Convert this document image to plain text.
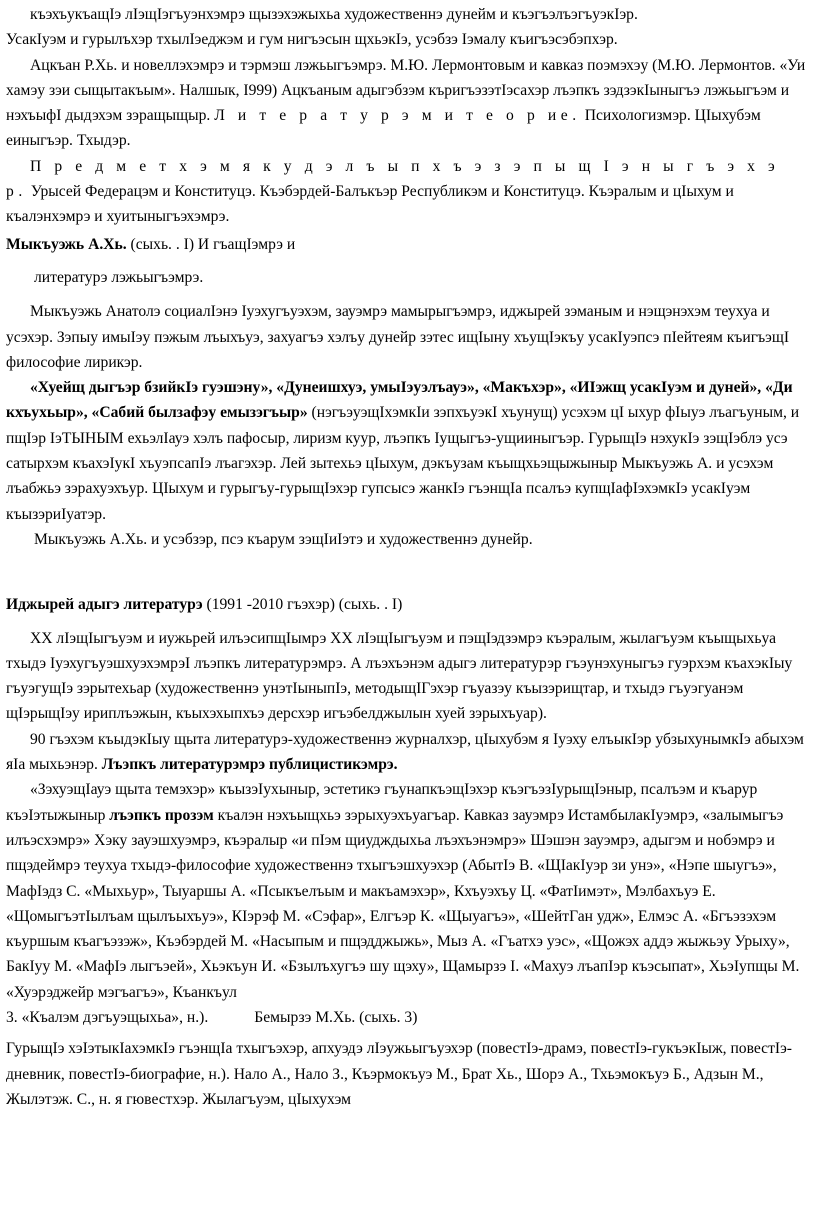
къэхъукъащIэ лIэщIэгъуэнхэмрэ щызэхэжыхьа художественнэ дунейм и къэгъэлъэгъуэкIэр.
УсакIуэм и гурылъхэр тхылIэеджэм и гум нигъэсын щхьэкIэ, усэбзэ Iэмалу къигъэсэбэпхэр.

Ацкъан Р.Хь. и новеллэхэмрэ и тэрмэш лэжьыгъэмрэ. М.Ю. Лермонтовым и кавказ поэмэхэу (М.Ю. Лермонтов. «Уи хамэу зэи сыщытакъым». Налшык, I999) Ацкъаным адыгэбзэм къригъэзэтIэсахэр лъэпкъ зэдзэкIыныгъэ лэжьыгъэм и нэхъыфI дыдэхэм зэращыщыр. Л и т е р а т у р э м и т е о р ие. Психологизмэр. ЦIыхубэм еиныгъэр. Тхыдэр.

П р е д м е т х э м я к у д э л ъ ы п х ъ э з э п ы щ I э н ы г ъ э х э р. Урысей Федерацэм и Конституцэ. Къэбэрдей-Балъкъэр Республикэм и Конституцэ. Къэралым и цIыхум и къалэнхэмрэ и хуитыныгъэхэмрэ.

Мыкъуэжь А.Хь. (сыхь. . I) И гъащIэмрэ и

литературэ лэжьыгъэмрэ.

Мыкъуэжь Анатолэ социалIэнэ Iуэхугъуэхэм, зауэмрэ мамырыгъэмрэ, иджырей зэманым и нэщэнэхэм теухуа и усэхэр. Зэпыу имыIэу пэжым лъыхъуэ, захуагъэ хэлъу дунейр зэтес ищIыну хъущIэкъу усакIуэпсэ пIейтеям къигъэщI философие лирикэр.

«Хуейщ дыгъэр бзийкIэ гуэшэну», «Дунеишхуэ, умыIэуэлъауэ», «Макъхэр», «ИIэжщ усакIуэм и дуней», «Ди кхъухьыр», «Сабий былзафэу емызэгъыр» (нэгъэуэщIхэмкIи зэпхъуэкI хъунущ) усэхэм цI ыхур фIыуэ лъагъуным, и пщIэр IэТЫНЫМ ехьэлIауэ хэлъ пафосыр, лиризм куур, лъэпкъ Iущыгъэ-ущииныгъэр. ГурыщIэ нэхукIэ зэщIэблэ усэ сатырхэм къахэIукI хъуэпсапIэ лъагэхэр. Лей зытехьэ цIыхум, дэкъузам къыщхьэщыжыныр Мыкъуэжь А. и усэхэм лъабжьэ зэрахуэхъур. ЦIыхум и гурыгъу-гурыщIэхэр гупсысэ жанкIэ гъэнщIа псалъэ купщIафIэхэмкIэ усакIуэм къызэриIуатэр.

Мыкъуэжь А.Хь. и усэбзэр, псэ къарум зэщIиIэтэ и художественнэ дунейр.

Иджырей адыгэ литературэ (1991 -2010 гъэхэр) (сыхь. . I)

XX лIэщIыгъуэм и иужьрей илъэсипщIымрэ XX лIэщIыгъуэм и пэщIэдзэмрэ къэралым, жылагъуэм къыщыхьуа тхыдэ IуэхугъуэшхуэхэмрэI лъэпкъ литературэмрэ. А лъэхъэнэм адыгэ литературэр гъэунэхуныгъэ гуэрхэм къахэкIыу гъуэгущIэ зэрытехьар (художественнэ унэтIыныпIэ, методыщIГэхэр гъуазэу къызэрищтар, и тхыдэ гъуэгуанэм щIэрыщIэу ириплъэжын, къыхэхыпхъэ дерсхэр игъэбелджылын хуей зэрыхъуар).

90 гъэхэм къыдэкIыу щыта литературэ-художественнэ журналхэр, цIыхубэм я Iуэху елъыкIэр убзыхунымкIэ абыхэм яIа мыхьэнэр. Лъэпкъ литературэмрэ публицистикэмрэ.

«ЗэхуэщIауэ щыта темэхэр» къызэIухыныр, эстетикэ гъунапкъэщIэхэр къэгъэзIурыщIэныр, псалъэм и къарур къэIэтыжыныр лъэпкъ прозэм къалэн нэхъыщхьэ зэрыхуэхъуагъар. Кавказ зауэмрэ ИстамбылакIуэмрэ, «залымыгъэ илъэсхэмрэ» Хэку зауэшхуэмрэ, къэралыр «и пIэм щиудждыхьа лъэхъэнэмрэ» Шэшэн зауэмрэ, адыгэм и нобэмрэ и пщэдеймрэ теухуа тхыдэ-философие художественнэ тхыгъэшхуэхэр (АбытIэ В. «ЩIакIуэр зи унэ», «Нэпе шыугъэ», МафIэдз С. «Мыхьур», Тыуаршы А. «Псыкъелъым и макъамэхэр», Кхъуэхъу Ц. «ФатIимэт», Мэлбахъуэ Е. «ЩомыгъэтIылъам щылъыхъуэ», КIэрэф М. «Сэфар», Елгъэр К. «Щыуагъэ», «ШейтГан удж», Елмэс А. «Бгъэзэхэм къуршым къагъэзэж», Къэбэрдей М. «Насыпым и пщэдджыжь», Мыз А. «Гъатхэ уэс», «Щожэх аддэ жыжьэу Урыху», БакIуу М. «МафIэ лыгъэей», Хьэкъун И. «Бзылъхугъэ шу щэху», Щамырзэ I. «Махуэ лъапIэр къэсыпат», ХьэIупщы М. «Хуэрэджейр мэгъагъэ», Къанкъул
3. «Къалэм дэгъуэщыхьа», н.).	Бемырзэ М.Хь. (сыхь. 3)

ГурыщIэ хэIэтыкIахэмкIэ гъэнщIа тхыгъэхэр, апхуэдэ лIэужьыгъуэхэр (повестIэ-драмэ, повестIэ-гукъэкIыж, повестIэ-дневник, повестIэ-биографие, н.). Нало А., Нало З., Къэрмокъуэ М., Брат Хь., Шорэ А., Тхьэмокъуэ Б., Адзын М., Жылэтэж. С., н. я гювестхэр. Жылагъуэм, цIыхухэм
